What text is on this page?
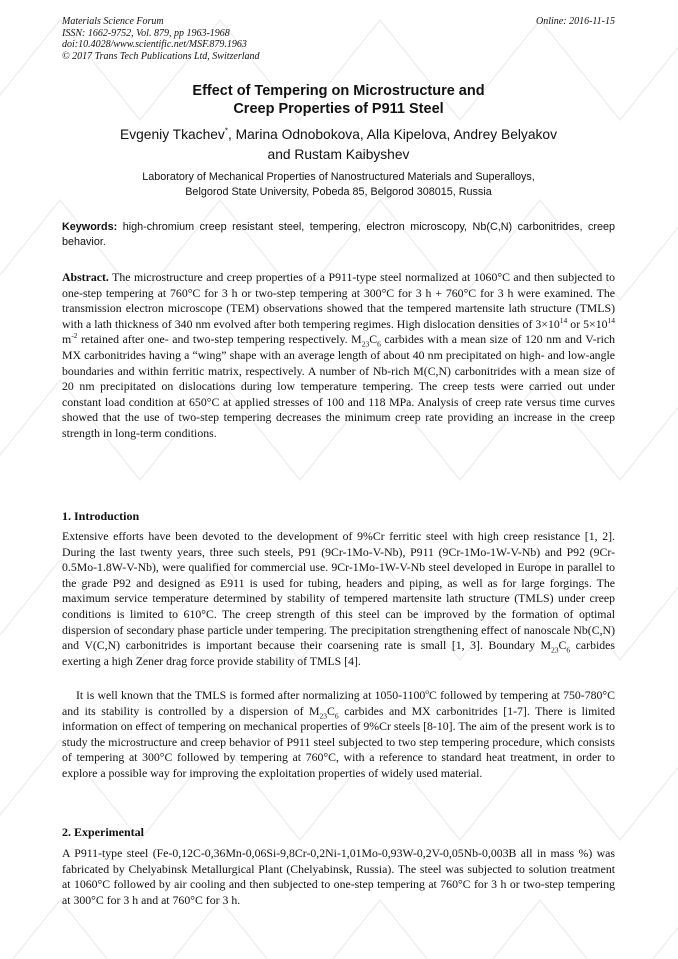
Materials Science Forum
ISSN: 1662-9752, Vol. 879, pp 1963-1968
doi:10.4028/www.scientific.net/MSF.879.1963
© 2017 Trans Tech Publications Ltd, Switzerland
Online: 2016-11-15
Effect of Tempering on Microstructure and
Creep Properties of P911 Steel
Evgeniy Tkachev*, Marina Odnobokova, Alla Kipelova, Andrey Belyakov
and Rustam Kaibyshev
Laboratory of Mechanical Properties of Nanostructured Materials and Superalloys,
Belgorod State University, Pobeda 85, Belgorod 308015, Russia
Keywords: high-chromium creep resistant steel, tempering, electron microscopy, Nb(C,N) carbonitrides, creep behavior.
Abstract. The microstructure and creep properties of a P911-type steel normalized at 1060°C and then subjected to one-step tempering at 760°C for 3 h or two-step tempering at 300°C for 3 h + 760°C for 3 h were examined. The transmission electron microscope (TEM) observations showed that the tempered martensite lath structure (TMLS) with a lath thickness of 340 nm evolved after both tempering regimes. High dislocation densities of $3\times 10^{14}$ or $5\times 10^{14}$ $m^{-2}$ retained after one- and two-step tempering respectively. $M_{23}C_6$ carbides with a mean size of 120 nm and V-rich MX carbonitrides having a “wing” shape with an average length of about 40 nm precipitated on high- and low-angle boundaries and within ferritic matrix, respectively. A number of Nb-rich M(C,N) carbonitrides with a mean size of 20 nm precipitated on dislocations during low temperature tempering. The creep tests were carried out under constant load condition at 650°C at applied stresses of 100 and 118 MPa. Analysis of creep rate versus time curves showed that the use of two-step tempering decreases the minimum creep rate providing an increase in the creep strength in long-term conditions.
1. Introduction
Extensive efforts have been devoted to the development of 9%Cr ferritic steel with high creep resistance [1, 2]. During the last twenty years, three such steels, P91 (9Cr-1Mo-V-Nb), P911 (9Cr-1Mo-1W-V-Nb) and P92 (9Cr-0.5Mo-1.8W-V-Nb), were qualified for commercial use. 9Cr-1Mo-1W-V-Nb steel developed in Europe in parallel to the grade P92 and designed as E911 is used for tubing, headers and piping, as well as for large forgings. The maximum service temperature determined by stability of tempered martensite lath structure (TMLS) under creep conditions is limited to 610°C. The creep strength of this steel can be improved by the formation of optimal dispersion of secondary phase particle under tempering. The precipitation strengthening effect of nanoscale Nb(C,N) and V(C,N) carbonitrides is important because their coarsening rate is small [1, 3]. Boundary $M_{23}C_6$ carbides exerting a high Zener drag force provide stability of TMLS [4].
It is well known that the TMLS is formed after normalizing at 1050-1100$^o$C followed by tempering at 750-780°C and its stability is controlled by a dispersion of $M_{23}C_6$ carbides and MX carbonitrides [1-7]. There is limited information on effect of tempering on mechanical properties of 9%Cr steels [8-10]. The aim of the present work is to study the microstructure and creep behavior of P911 steel subjected to two step tempering procedure, which consists of tempering at 300°C followed by tempering at 760°C, with a reference to standard heat treatment, in order to explore a possible way for improving the exploitation properties of widely used material.
2. Experimental
A P911-type steel (Fe-0,12C-0,36Mn-0,06Si-9,8Cr-0,2Ni-1,01Mo-0,93W-0,2V-0,05Nb-0,003B all in mass %) was fabricated by Chelyabinsk Metallurgical Plant (Chelyabinsk, Russia). The steel was subjected to solution treatment at 1060°C followed by air cooling and then subjected to one-step tempering at 760°C for 3 h or two-step tempering at 300°C for 3 h and at 760°C for 3 h.
